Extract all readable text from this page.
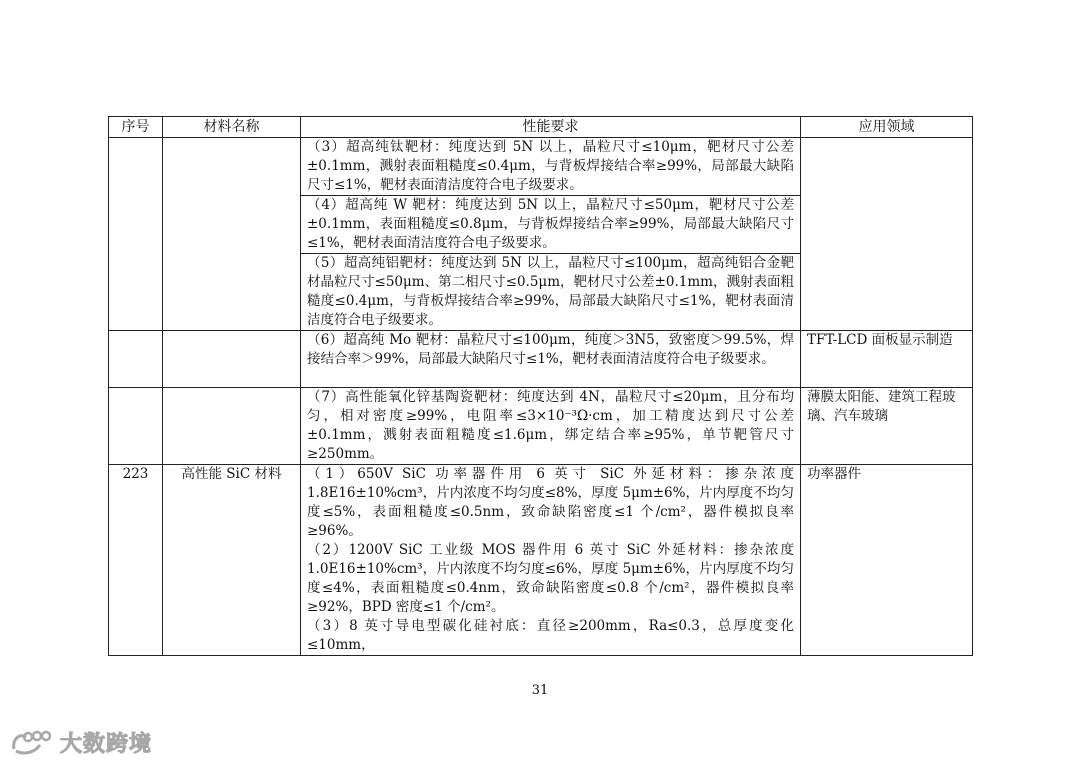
序号	材料名称	性能要求	应用领域
		（3）超高纯钛靶材：纯度达到 5N 以上，晶粒尺寸≤10μm，靶材尺寸公差±0.1mm，溅射表面粗糙度≤0.4μm，与背板焊接结合率≥99%，局部最大缺陷尺寸≤1%，靶材表面清洁度符合电子级要求。	
		（4）超高纯 W 靶材：纯度达到 5N 以上，晶粒尺寸≤50μm，靶材尺寸公差±0.1mm，表面粗糙度≤0.8μm，与背板焊接结合率≥99%，局部最大缺陷尺寸≤1%，靶材表面清洁度符合电子级要求。	
		（5）超高纯铝靶材：纯度达到 5N 以上，晶粒尺寸≤100μm，超高纯铝合金靶材晶粒尺寸≤50μm、第二相尺寸≤0.5μm，靶材尺寸公差±0.1mm，溅射表面粗糙度≤0.4μm，与背板焊接结合率≥99%，局部最大缺陷尺寸≤1%，靶材表面清洁度符合电子级要求。	
		（6）超高纯 Mo 靶材：晶粒尺寸≤100μm，纯度＞3N5，致密度＞99.5%，焊接结合率＞99%，局部最大缺陷尺寸≤1%，靶材表面清洁度符合电子级要求。	TFT-LCD 面板显示制造
		（7）高性能氧化锌基陶瓷靶材：纯度达到 4N，晶粒尺寸≤20μm，且分布均匀，相对密度≥99%，电阻率≤3×10⁻³Ω·cm，加工精度达到尺寸公差±0.1mm，溅射表面粗糙度≤1.6μm，绑定结合率≥95%，单节靶管尺寸≥250mm。	薄膜太阳能、建筑工程玻璃、汽车玻璃
223	高性能 SiC 材料	（1）650V SiC 功率器件用 6 英寸 SiC 外延材料：掺杂浓度 1.8E16±10%cm³，片内浓度不均匀度≤8%，厚度 5μm±6%，片内厚度不均匀度≤5%，表面粗糙度≤0.5nm，致命缺陷密度≤1 个/cm²，器件模拟良率≥96%。
（2）1200V SiC 工业级 MOS 器件用 6 英寸 SiC 外延材料：掺杂浓度 1.0E16±10%cm³，片内浓度不均匀度≤6%，厚度 5μm±6%，片内厚度不均匀度≤4%，表面粗糙度≤0.4nm，致命缺陷密度≤0.8 个/cm²，器件模拟良率≥92%，BPD 密度≤1 个/cm²。
（3）8 英寸导电型碳化硅衬底：直径≥200mm，Ra≤0.3，总厚度变化≤10mm，	功率器件
31
大数跨境
